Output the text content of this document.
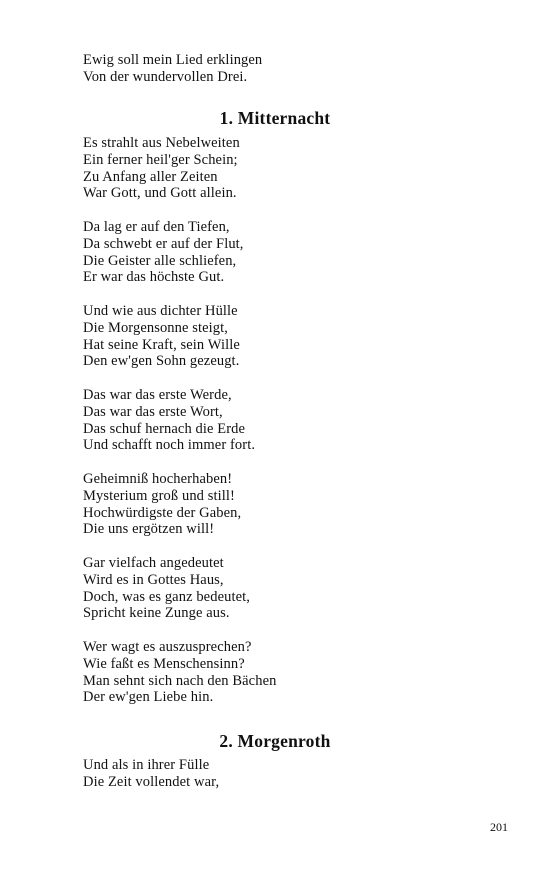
Ewig soll mein Lied erklingen
Von der wundervollen Drei.
1. Mitternacht
Es strahlt aus Nebelweiten
Ein ferner heil'ger Schein;
Zu Anfang aller Zeiten
War Gott, und Gott allein.
Da lag er auf den Tiefen,
Da schwebt er auf der Flut,
Die Geister alle schliefen,
Er war das höchste Gut.
Und wie aus dichter Hülle
Die Morgensonne steigt,
Hat seine Kraft, sein Wille
Den ew'gen Sohn gezeugt.
Das war das erste Werde,
Das war das erste Wort,
Das schuf hernach die Erde
Und schafft noch immer fort.
Geheimniß hocherhaben!
Mysterium groß und still!
Hochwürdigste der Gaben,
Die uns ergötzen will!
Gar vielfach angedeutet
Wird es in Gottes Haus,
Doch, was es ganz bedeutet,
Spricht keine Zunge aus.
Wer wagt es auszusprechen?
Wie faßt es Menschensinn?
Man sehnt sich nach den Bächen
Der ew'gen Liebe hin.
2. Morgenroth
Und als in ihrer Fülle
Die Zeit vollendet war,
201
